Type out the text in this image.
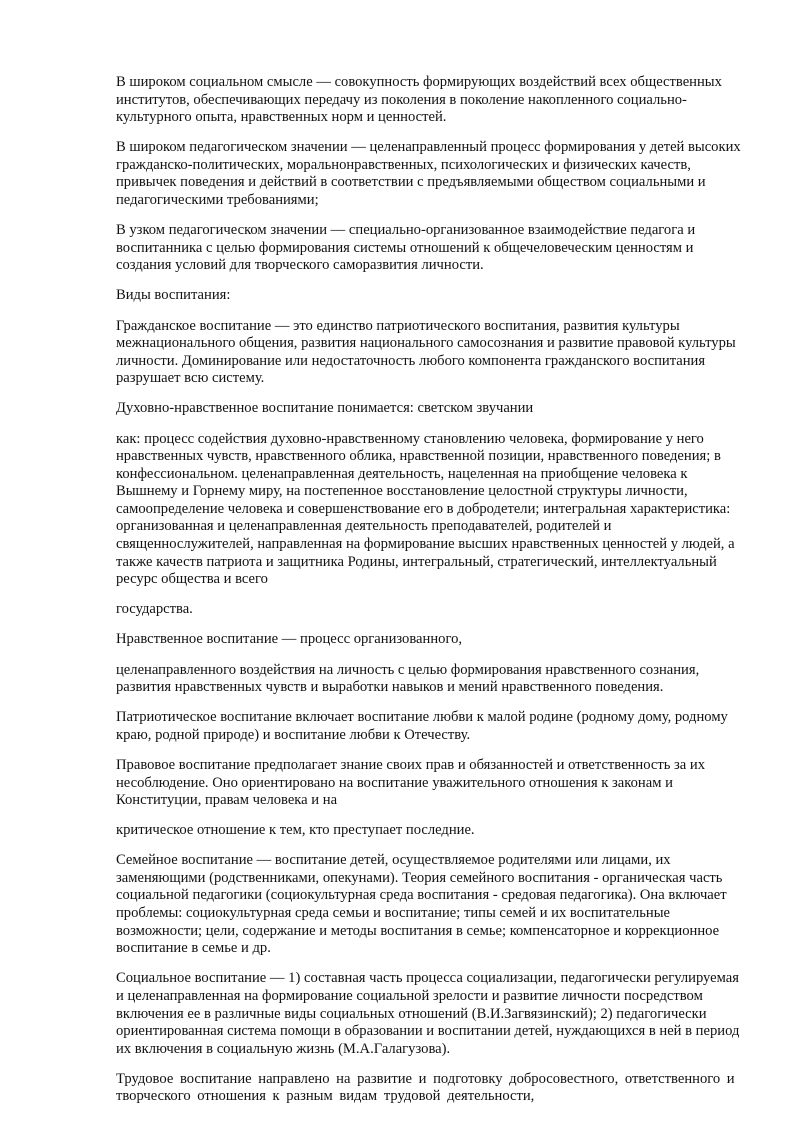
В широком социальном смысле — совокупность формирующих воздействий всех общественных институтов, обеспечивающих передачу из поколения в поколение накопленного социально-культурного опыта, нравственных норм и ценностей.

В широком педагогическом значении — целенаправленный процесс формирования у детей высоких гражданско-политических, моральнонравственных, психологических и физических качеств, привычек поведения и действий в соответствии с предъявляемыми обществом социальными и педагогическими требованиями;

В узком педагогическом значении — специально-организованное взаимодействие педагога и воспитанника с целью формирования системы отношений к общечеловеческим ценностям и создания условий для творческого саморазвития личности.

Виды воспитания:

Гражданское воспитание — это единство патриотического воспитания, развития культуры межнационального общения, развития национального самосознания и развитие правовой культуры личности. Доминирование или недостаточность любого компонента гражданского воспитания разрушает всю систему.

Духовно-нравственное воспитание понимается: светском звучании

как: процесс содействия духовно-нравственному становлению человека, формирование у него нравственных чувств, нравственного облика, нравственной позиции, нравственного поведения; в конфессиональном. целенаправленная деятельность, нацеленная на приобщение человека к Вышнему и Горнему миру, на постепенное восстановление целостной структуры личности, самоопределение человека и совершенствование его в добродетели; интегральная характеристика: организованная и целенаправленная деятельность преподавателей, родителей и священнослужителей, направленная на формирование высших нравственных ценностей у людей, а также качеств патриота и защитника Родины, интегральный, стратегический, интеллектуальный ресурс общества и всего

государства.

Нравственное воспитание — процесс организованного,

целенаправленного воздействия на личность с целью формирования нравственного сознания, развития нравственных чувств и выработки навыков и мений нравственного поведения.

Патриотическое воспитание включает воспитание любви к малой родине (родному дому, родному краю, родной природе) и воспитание любви к Отечеству.

Правовое воспитание предполагает знание своих прав и обязанностей и ответственность за их несоблюдение. Оно ориентировано на воспитание уважительного отношения к законам и Конституции, правам человека и на

критическое отношение к тем, кто преступает последние.

Семейное воспитание — воспитание детей, осуществляемое родителями или лицами, их заменяющими (родственниками, опекунами). Теория семейного воспитания - органическая часть социальной педагогики (социокультурная среда воспитания - средовая педагогика). Она включает проблемы: социокультурная среда семьи и воспитание; типы семей и их воспитательные возможности; цели, содержание и методы воспитания в семье; компенсаторное и коррекционное воспитание в семье и др.

Социальное воспитание — 1) составная часть процесса социализации, педагогически регулируемая и целенаправленная на формирование социальной зрелости и развитие личности посредством включения ее в различные виды социальных отношений (В.И.Загвязинский); 2) педагогически ориентированная система помощи в образовании и воспитании детей, нуждающихся в ней в период их включения в социальную жизнь (М.А.Галагузова).

Трудовое воспитание направлено на развитие и подготовку добросовестного, ответственного и творческого отношения к разным видам трудовой деятельности,
